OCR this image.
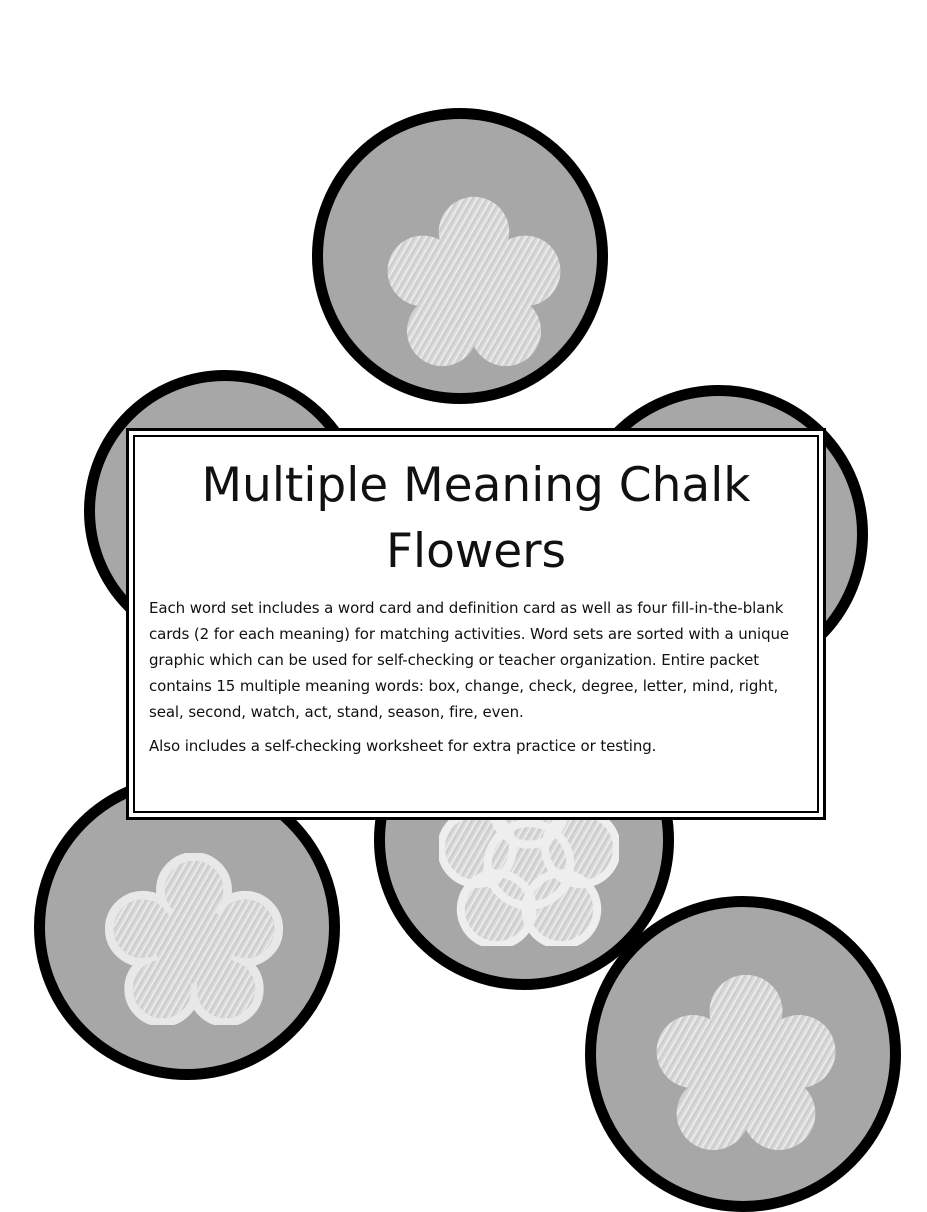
Multiple Meaning Chalk Flowers

Each word set includes a word card and definition card as well as four fill-in-the-blank cards (2 for each meaning) for matching activities. Word sets are sorted with a unique graphic which can be used for self-checking or teacher organization. Entire packet contains 15 multiple meaning words: box, change, check, degree, letter, mind, right, seal, second, watch, act, stand, season, fire, even.

Also includes a self-checking worksheet for extra practice or testing.
